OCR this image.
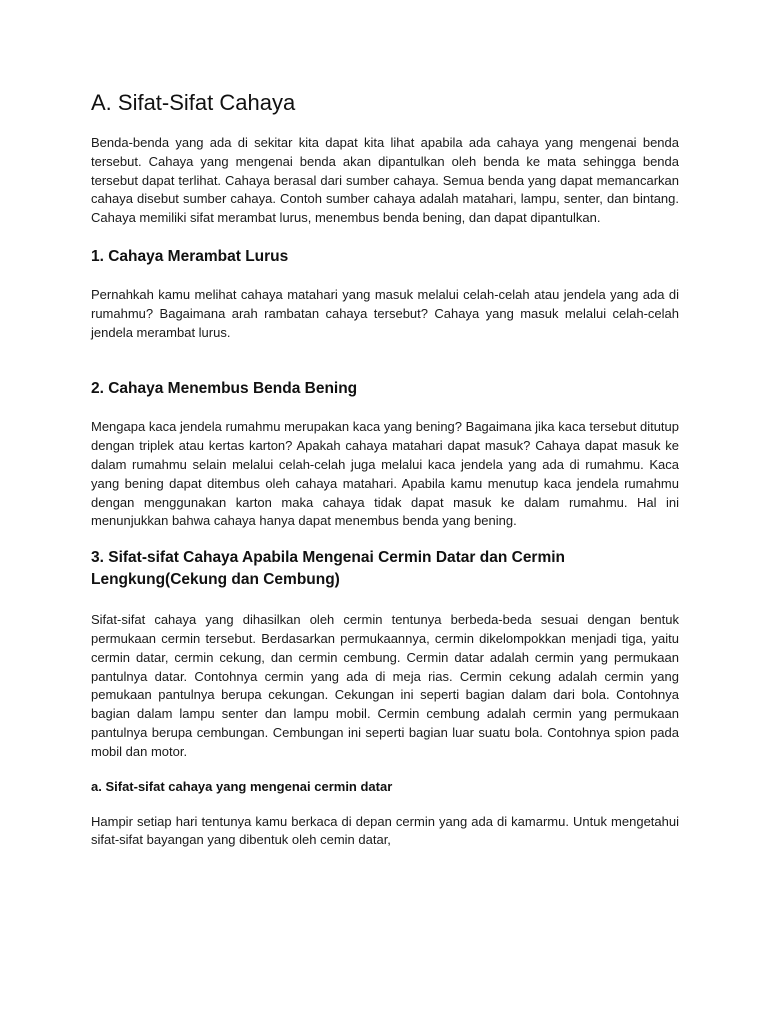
A. Sifat-Sifat Cahaya

Benda-benda yang ada di sekitar kita dapat kita lihat apabila ada cahaya yang mengenai benda tersebut. Cahaya yang mengenai benda akan dipantulkan oleh benda ke mata sehingga benda tersebut dapat terlihat. Cahaya berasal dari sumber cahaya. Semua benda yang dapat memancarkan cahaya disebut sumber cahaya. Contoh sumber cahaya adalah matahari, lampu, senter, dan bintang. Cahaya memiliki sifat merambat lurus, menembus benda bening, dan dapat dipantulkan.

1. Cahaya Merambat Lurus

Pernahkah kamu melihat cahaya matahari yang masuk melalui celah-celah atau jendela yang ada di rumahmu? Bagaimana arah rambatan cahaya tersebut? Cahaya yang masuk melalui celah-celah jendela merambat lurus.

2. Cahaya Menembus Benda Bening

Mengapa kaca jendela rumahmu merupakan kaca yang bening? Bagaimana jika kaca tersebut ditutup dengan triplek atau kertas karton? Apakah cahaya matahari dapat masuk? Cahaya dapat masuk ke dalam rumahmu selain melalui celah-celah juga melalui kaca jendela yang ada di rumahmu. Kaca yang bening dapat ditembus oleh cahaya matahari. Apabila kamu menutup kaca jendela rumahmu dengan menggunakan karton maka cahaya tidak dapat masuk ke dalam rumahmu. Hal ini menunjukkan bahwa cahaya hanya dapat menembus benda yang bening.

3. Sifat-sifat Cahaya Apabila Mengenai Cermin Datar dan Cermin Lengkung(Cekung dan Cembung)

Sifat-sifat cahaya yang dihasilkan oleh cermin tentunya berbeda-beda sesuai dengan bentuk permukaan cermin tersebut. Berdasarkan permukaannya, cermin dikelompokkan menjadi tiga, yaitu cermin datar, cermin cekung, dan cermin cembung. Cermin datar adalah cermin yang permukaan pantulnya datar. Contohnya cermin yang ada di meja rias. Cermin cekung adalah cermin yang pemukaan pantulnya berupa cekungan. Cekungan ini seperti bagian dalam dari bola. Contohnya bagian dalam lampu senter dan lampu mobil. Cermin cembung adalah cermin yang permukaan pantulnya berupa cembungan. Cembungan ini seperti bagian luar suatu bola. Contohnya spion pada mobil dan motor.

a. Sifat-sifat cahaya yang mengenai cermin datar

Hampir setiap hari tentunya kamu berkaca di depan cermin yang ada di kamarmu. Untuk mengetahui sifat-sifat bayangan yang dibentuk oleh cemin datar,
